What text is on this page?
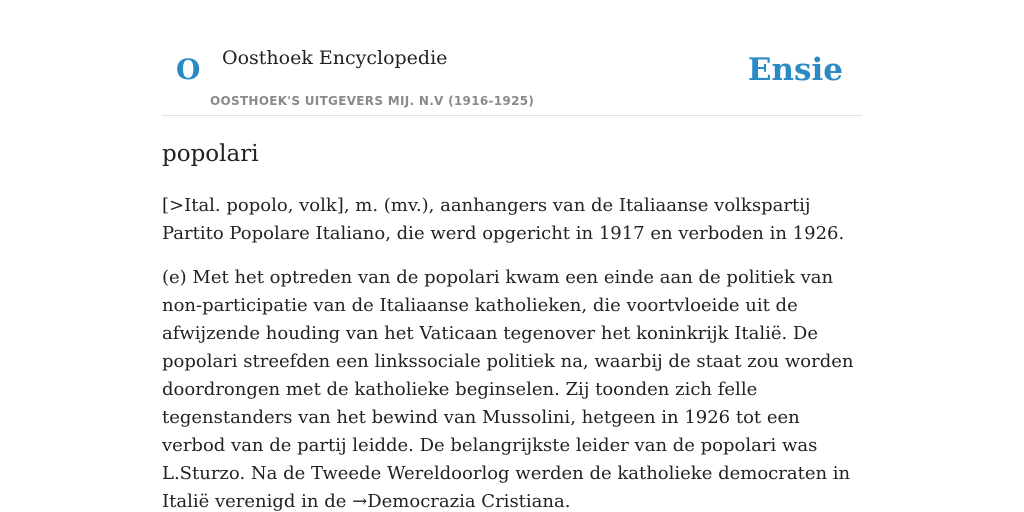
O Oosthoek Encyclopedie
OOSTHOEK'S UITGEVERS MIJ. N.V (1916-1925)
Ensie
popolari

[>Ital. popolo, volk], m. (mv.), aanhangers van de Italiaanse volkspartij Partito Popolare Italiano, die werd opgericht in 1917 en verboden in 1926.

(e) Met het optreden van de popolari kwam een einde aan de politiek van non-participatie van de Italiaanse katholieken, die voortvloeide uit de afwijzende houding van het Vaticaan tegenover het koninkrijk Italië. De popolari streefden een linkssociale politiek na, waarbij de staat zou worden doordrongen met de katholieke beginselen. Zij toonden zich felle tegenstanders van het bewind van Mussolini, hetgeen in 1926 tot een verbod van de partij leidde. De belangrijkste leider van de popolari was L.Sturzo. Na de Tweede Wereldoorlog werden de katholieke democraten in Italië verenigd in de →Democrazia Cristiana.
